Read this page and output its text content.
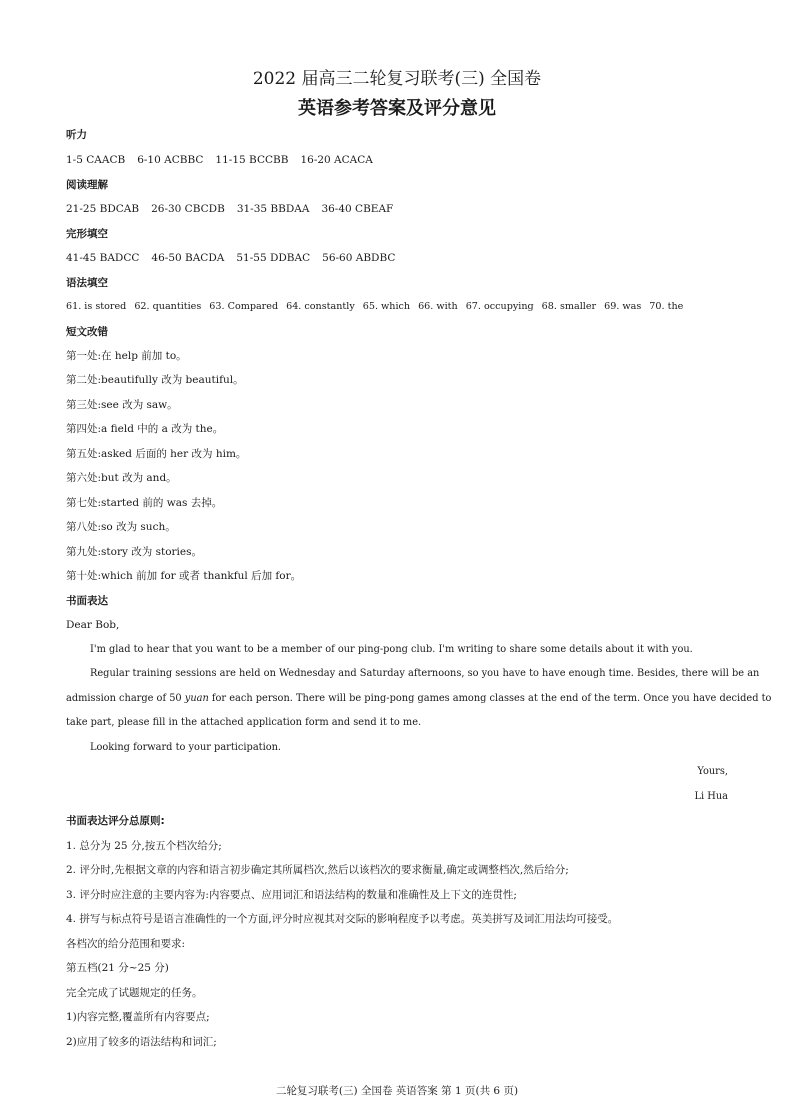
2022 届高三二轮复习联考(三) 全国卷
英语参考答案及评分意见
听力
1-5 CAACB 6-10 ACBBC 11-15 BCCBB 16-20 ACACA
阅读理解
21-25 BDCAB 26-30 CBCDB 31-35 BBDAA 36-40 CBEAF
完形填空
41-45 BADCC 46-50 BACDA 51-55 DDBAC 56-60 ABDBC
语法填空
61. is stored 62. quantities 63. Compared 64. constantly 65. which 66. with 67. occupying 68. smaller 69. was 70. the
短文改错
第一处:在 help 前加 to。
第二处:beautifully 改为 beautiful。
第三处:see 改为 saw。
第四处:a field 中的 a 改为 the。
第五处:asked 后面的 her 改为 him。
第六处:but 改为 and。
第七处:started 前的 was 去掉。
第八处:so 改为 such。
第九处:story 改为 stories。
第十处:which 前加 for 或者 thankful 后加 for。
书面表达
Dear Bob,
I'm glad to hear that you want to be a member of our ping-pong club. I'm writing to share some details about it with you.
Regular training sessions are held on Wednesday and Saturday afternoons, so you have to have enough time. Besides, there will be an
admission charge of 50 yuan for each person. There will be ping-pong games among classes at the end of the term. Once you have decided to
take part, please fill in the attached application form and send it to me.
Looking forward to your participation.
Yours,
Li Hua
书面表达评分总原则:
1. 总分为 25 分,按五个档次给分;
2. 评分时,先根据文章的内容和语言初步确定其所属档次,然后以该档次的要求衡量,确定或调整档次,然后给分;
3. 评分时应注意的主要内容为:内容要点、应用词汇和语法结构的数量和准确性及上下文的连贯性;
4. 拼写与标点符号是语言准确性的一个方面,评分时应视其对交际的影响程度予以考虑。英美拼写及词汇用法均可接受。
各档次的给分范围和要求:
第五档(21 分~25 分)
完全完成了试题规定的任务。
1)内容完整,覆盖所有内容要点;
2)应用了较多的语法结构和词汇;
二轮复习联考(三) 全国卷 英语答案 第 1 页(共 6 页)
